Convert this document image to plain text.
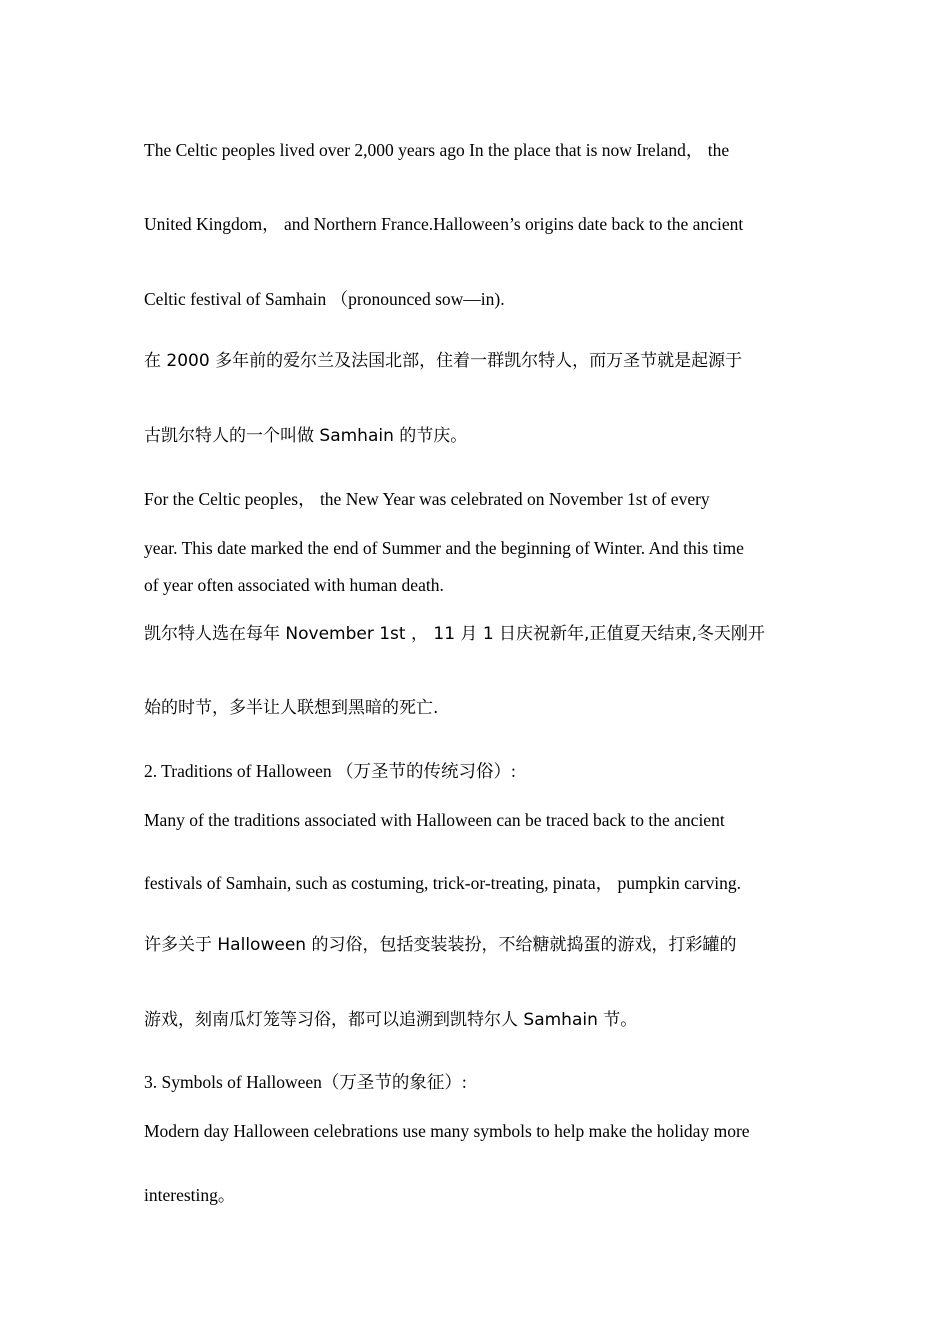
The Celtic peoples lived over 2,000 years ago In the place that is now Ireland， the
United Kingdom， and Northern France.Halloween’s origins date back to the ancient
Celtic festival of Samhain （pronounced sow—in).
在 2000 多年前的爱尔兰及法国北部，住着一群凯尔特人，而万圣节就是起源于
古凯尔特人的一个叫做 Samhain 的节庆。
For the Celtic peoples， the New Year was celebrated on November 1st of every
year. This date marked the end of Summer and the beginning of Winter. And this time
of year often associated with human death.
凯尔特人选在每年 November 1st ， 11 月 1 日庆祝新年,正值夏天结束,冬天刚开
始的时节，多半让人联想到黑暗的死亡.
2. Traditions of Halloween （万圣节的传统习俗）:
Many of the traditions associated with Halloween can be traced back to the ancient
festivals of Samhain, such as costuming, trick-or-treating, pinata， pumpkin carving.
许多关于 Halloween 的习俗，包括变装装扮，不给糖就捣蛋的游戏，打彩罐的
游戏，刻南瓜灯笼等习俗，都可以追溯到凯特尔人 Samhain 节。
3. Symbols of Halloween（万圣节的象征）:
Modern day Halloween celebrations use many symbols to help make the holiday more
interesting。
